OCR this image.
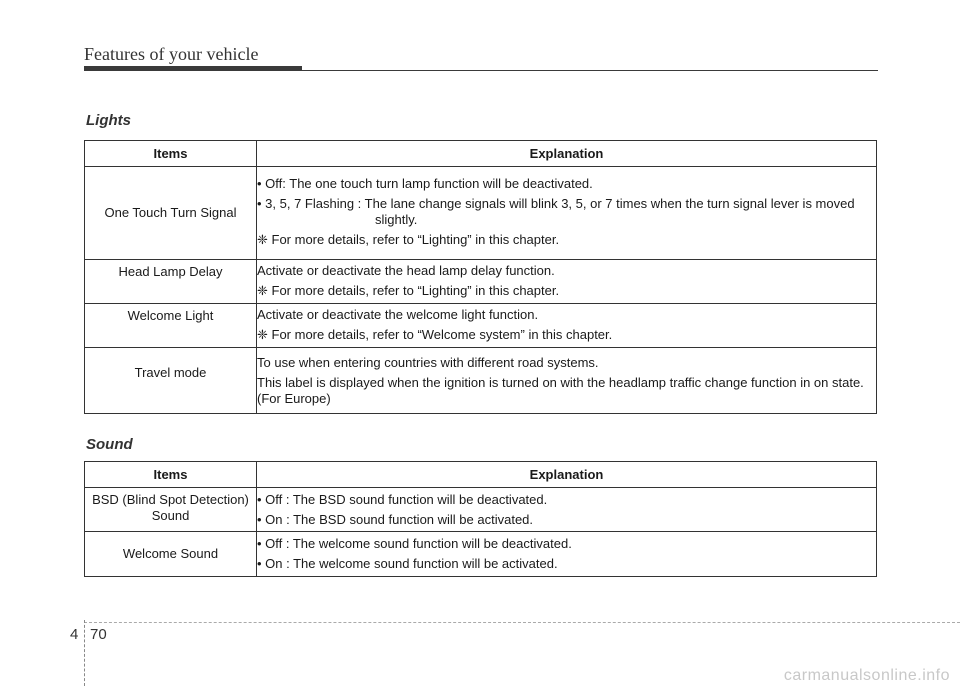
Features of your vehicle
Lights
Items	Explanation

One Touch Turn Signal	• Off: The one touch turn lamp function will be deactivated.
• 3, 5, 7 Flashing : The lane change signals will blink 3, 5, or 7 times when the turn signal lever is moved slightly.
❈ For more details, refer to “Lighting” in this chapter.

Head Lamp Delay	Activate or deactivate the head lamp delay function.
❈ For more details, refer to “Lighting” in this chapter.

Welcome Light	Activate or deactivate the welcome light function.
❈ For more details, refer to “Welcome system” in this chapter.

Travel mode	To use when entering countries with different road systems.
This label is displayed when the ignition is turned on with the headlamp traffic change function in on state. (For Europe)
Sound
Items	Explanation

BSD (Blind Spot Detection) Sound	• Off : The BSD sound function will be deactivated.
• On : The BSD sound function will be activated.

Welcome Sound	• Off : The welcome sound function will be deactivated.
• On : The welcome sound function will be activated.
4 70
carmanualsonline.info
